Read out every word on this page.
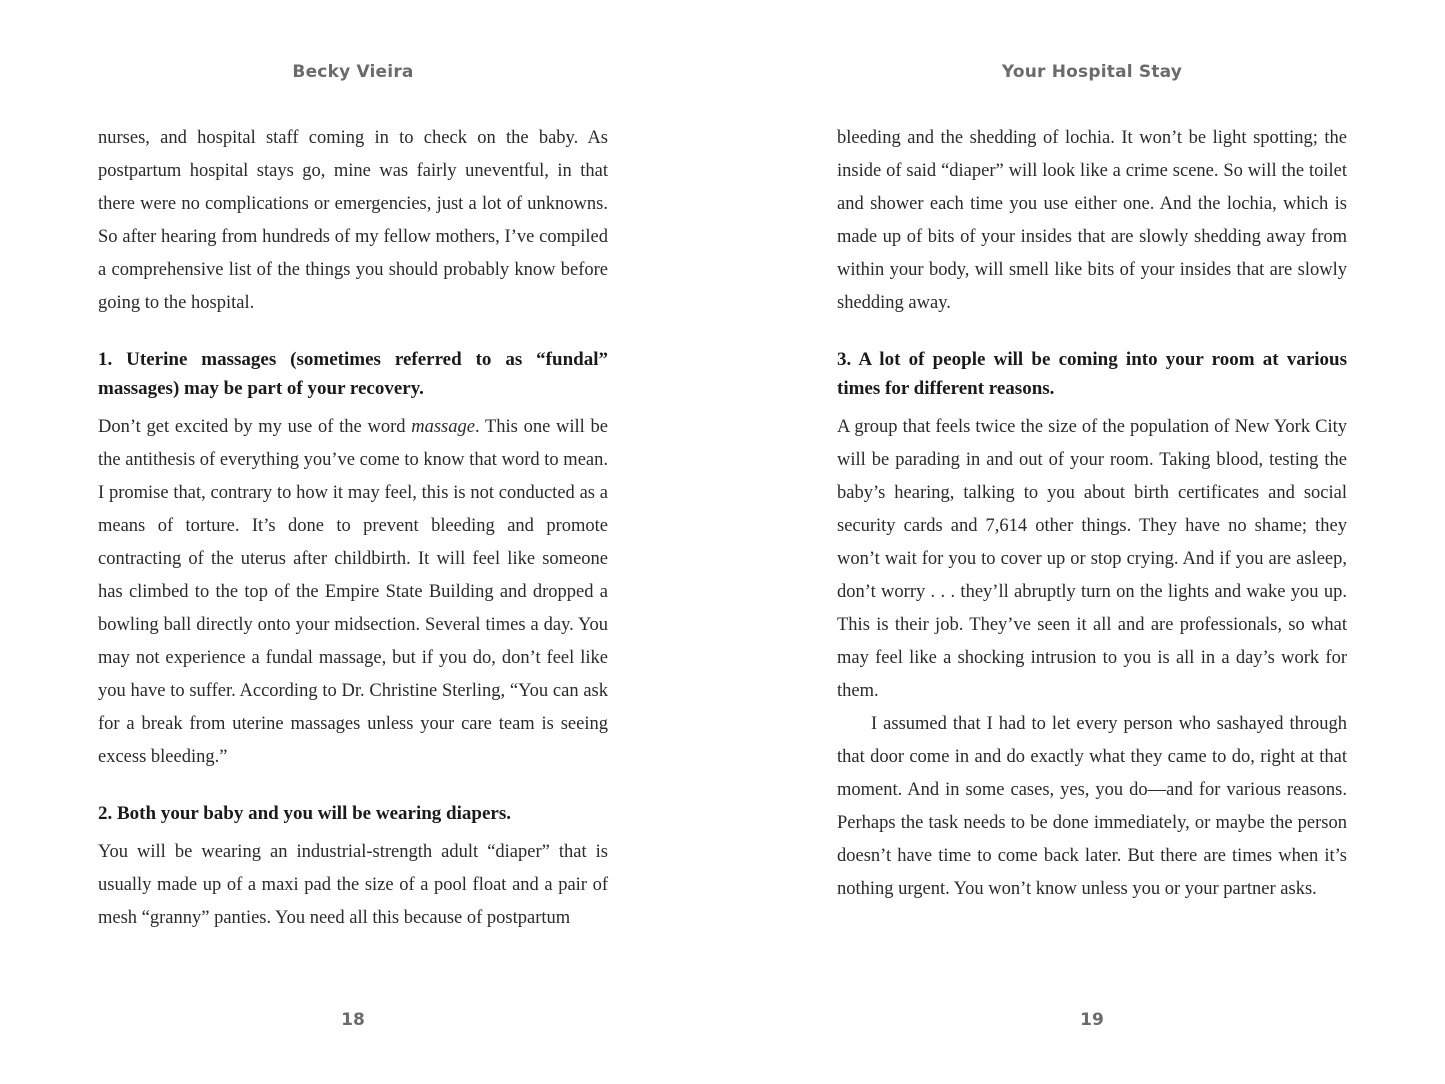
Becky Vieira

nurses, and hospital staff coming in to check on the baby. As postpartum hospital stays go, mine was fairly uneventful, in that there were no complications or emergencies, just a lot of unknowns. So after hearing from hundreds of my fellow mothers, I’ve compiled a comprehensive list of the things you should probably know before going to the hospital.

1. Uterine massages (sometimes referred to as “fundal” massages) may be part of your recovery.

Don’t get excited by my use of the word massage. This one will be the antithesis of everything you’ve come to know that word to mean. I promise that, contrary to how it may feel, this is not conducted as a means of torture. It’s done to prevent bleeding and promote contracting of the uterus after childbirth. It will feel like someone has climbed to the top of the Empire State Building and dropped a bowling ball directly onto your midsection. Several times a day. You may not experience a fundal massage, but if you do, don’t feel like you have to suffer. According to Dr. Christine Sterling, “You can ask for a break from uterine massages unless your care team is seeing excess bleeding.”

2. Both your baby and you will be wearing diapers.

You will be wearing an industrial-strength adult “diaper” that is usually made up of a maxi pad the size of a pool float and a pair of mesh “granny” panties. You need all this because of postpartum

18
Your Hospital Stay

bleeding and the shedding of lochia. It won’t be light spotting; the inside of said “diaper” will look like a crime scene. So will the toilet and shower each time you use either one. And the lochia, which is made up of bits of your insides that are slowly shedding away from within your body, will smell like bits of your insides that are slowly shedding away.

3. A lot of people will be coming into your room at various times for different reasons.

A group that feels twice the size of the population of New York City will be parading in and out of your room. Taking blood, testing the baby’s hearing, talking to you about birth certificates and social security cards and 7,614 other things. They have no shame; they won’t wait for you to cover up or stop crying. And if you are asleep, don’t worry . . . they’ll abruptly turn on the lights and wake you up. This is their job. They’ve seen it all and are professionals, so what may feel like a shocking intrusion to you is all in a day’s work for them.

I assumed that I had to let every person who sashayed through that door come in and do exactly what they came to do, right at that moment. And in some cases, yes, you do—and for various reasons. Perhaps the task needs to be done immediately, or maybe the person doesn’t have time to come back later. But there are times when it’s nothing urgent. You won’t know unless you or your partner asks.

19
